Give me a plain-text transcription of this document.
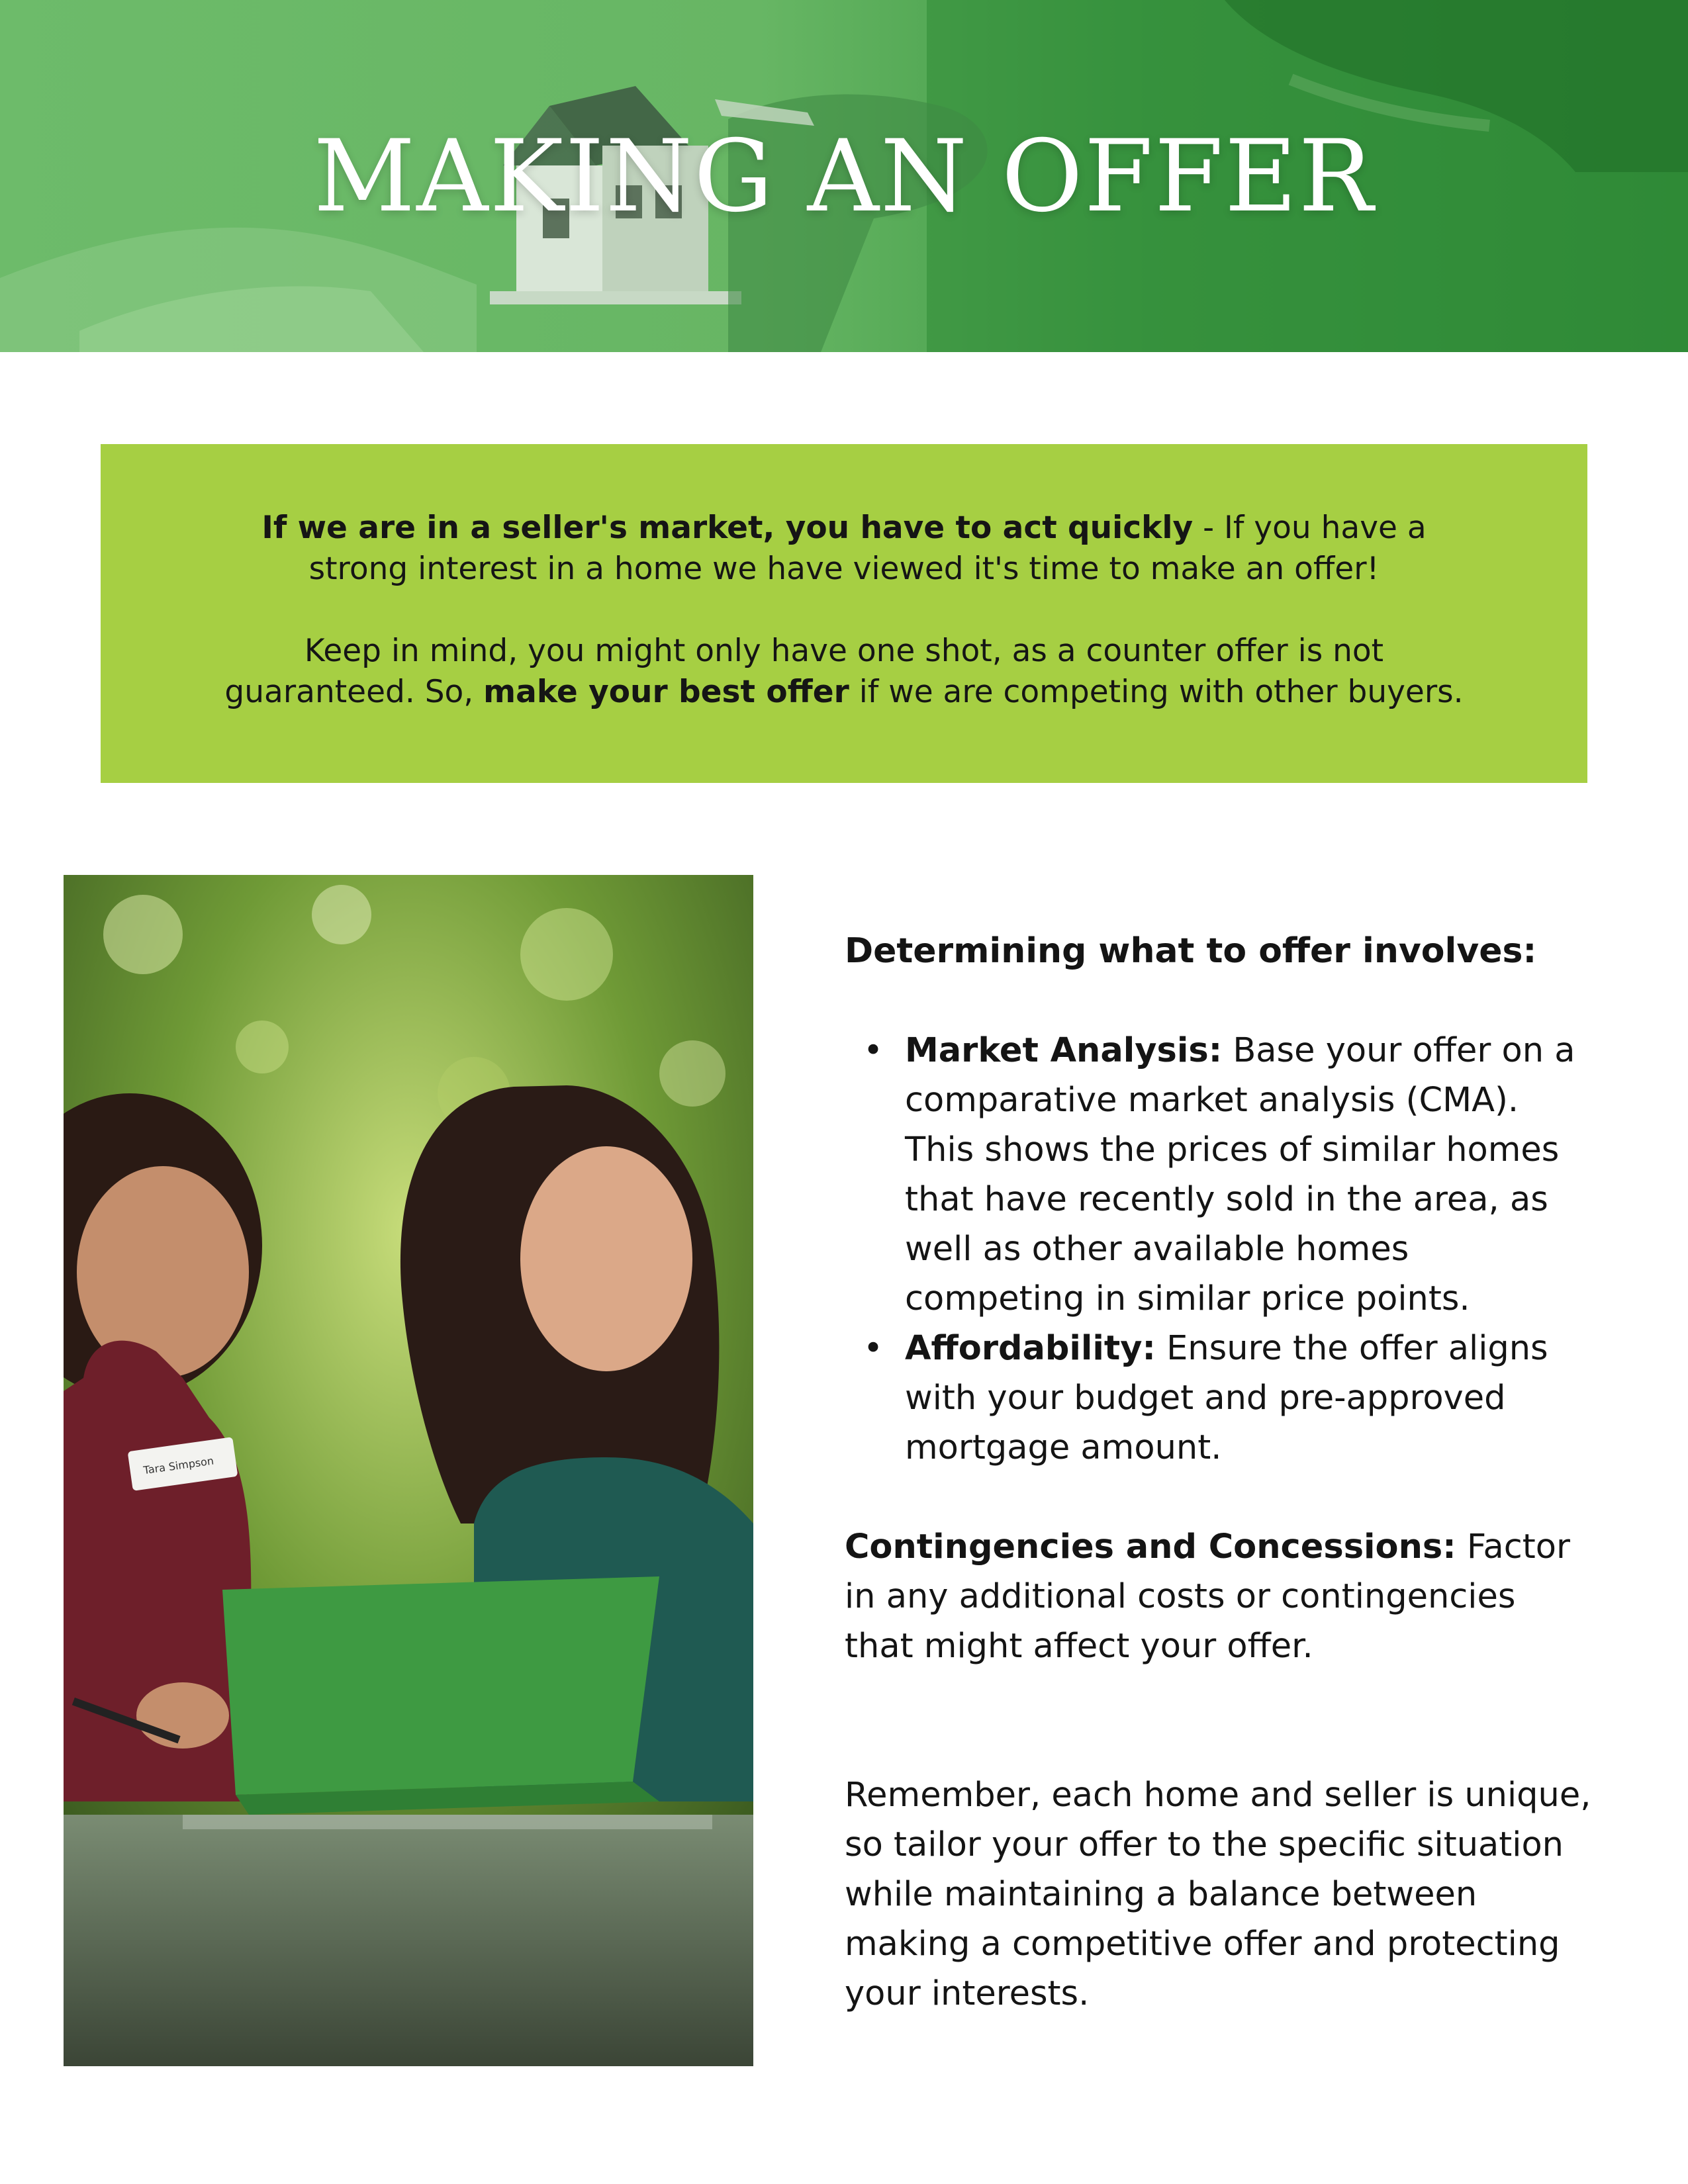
MAKING AN OFFER

If we are in a seller's market, you have to act quickly - If you have a strong interest in a home we have viewed it's time to make an offer!

Keep in mind, you might only have one shot, as a counter offer is not guaranteed. So, make your best offer if we are competing with other buyers.

Tara Simpson
Determining what to offer involves:
• Market Analysis: Base your offer on a comparative market analysis (CMA). This shows the prices of similar homes that have recently sold in the area, as well as other available homes competing in similar price points.
• Affordability: Ensure the offer aligns with your budget and pre-approved mortgage amount.

Contingencies and Concessions: Factor in any additional costs or contingencies that might affect your offer.

Remember, each home and seller is unique, so tailor your offer to the specific situation while maintaining a balance between making a competitive offer and protecting your interests.
